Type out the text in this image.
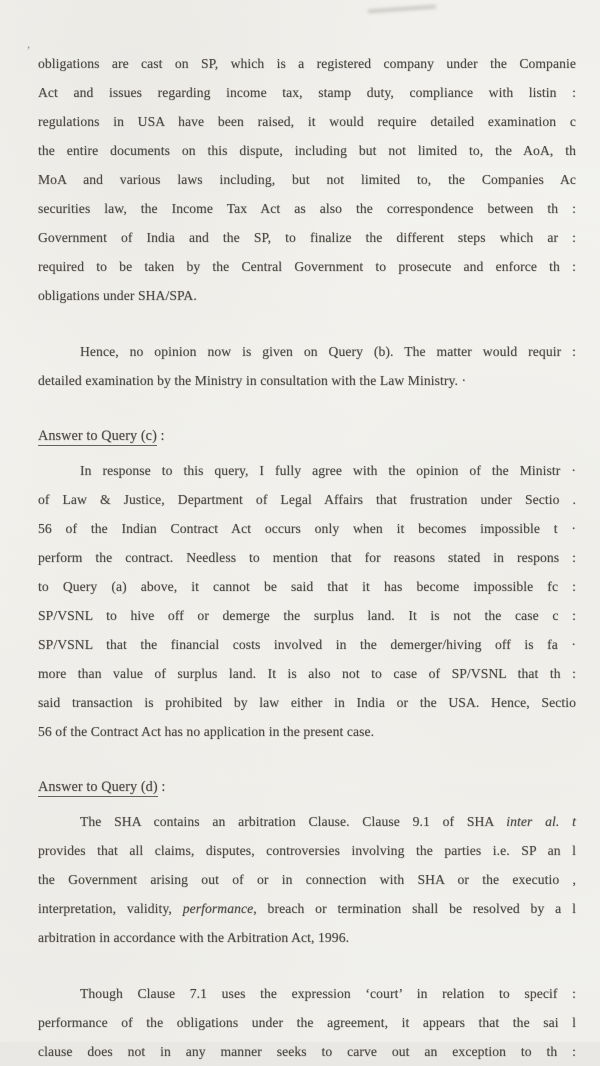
,
obligations are cast on SP, which is a registered company under the Companie
Act and issues regarding income tax, stamp duty, compliance with listin :
regulations in USA have been raised, it would require detailed examination c
the entire documents on this dispute, including but not limited to, the AoA, th
MoA and various laws including, but not limited to, the Companies Ac
securities law, the Income Tax Act as also the correspondence between th :
Government of India and the SP, to finalize the different steps which ar :
required to be taken by the Central Government to prosecute and enforce th :
obligations under SHA/SPA.
Hence, no opinion now is given on Query (b). The matter would requir :
detailed examination by the Ministry in consultation with the Law Ministry. ·
Answer to Query (c) :
In response to this query, I fully agree with the opinion of the Ministr ·
of Law & Justice, Department of Legal Affairs that frustration under Sectio .
56 of the Indian Contract Act occurs only when it becomes impossible t ·
perform the contract. Needless to mention that for reasons stated in respons :
to Query (a) above, it cannot be said that it has become impossible fc :
SP/VSNL to hive off or demerge the surplus land. It is not the case c :
SP/VSNL that the financial costs involved in the demerger/hiving off is fa ·
more than value of surplus land. It is also not to case of SP/VSNL that th :
said transaction is prohibited by law either in India or the USA. Hence, Sectio
56 of the Contract Act has no application in the present case.
Answer to Query (d) :
The SHA contains an arbitration Clause. Clause 9.1 of SHA inter al. t
provides that all claims, disputes, controversies involving the parties i.e. SP an l
the Government arising out of or in connection with SHA or the executio ,
interpretation, validity, performance, breach or termination shall be resolved by a l
arbitration in accordance with the Arbitration Act, 1996.
Though Clause 7.1 uses the expression ‘court’ in relation to specif :
performance of the obligations under the agreement, it appears that the sai l
clause does not in any manner seeks to carve out an exception to th :
